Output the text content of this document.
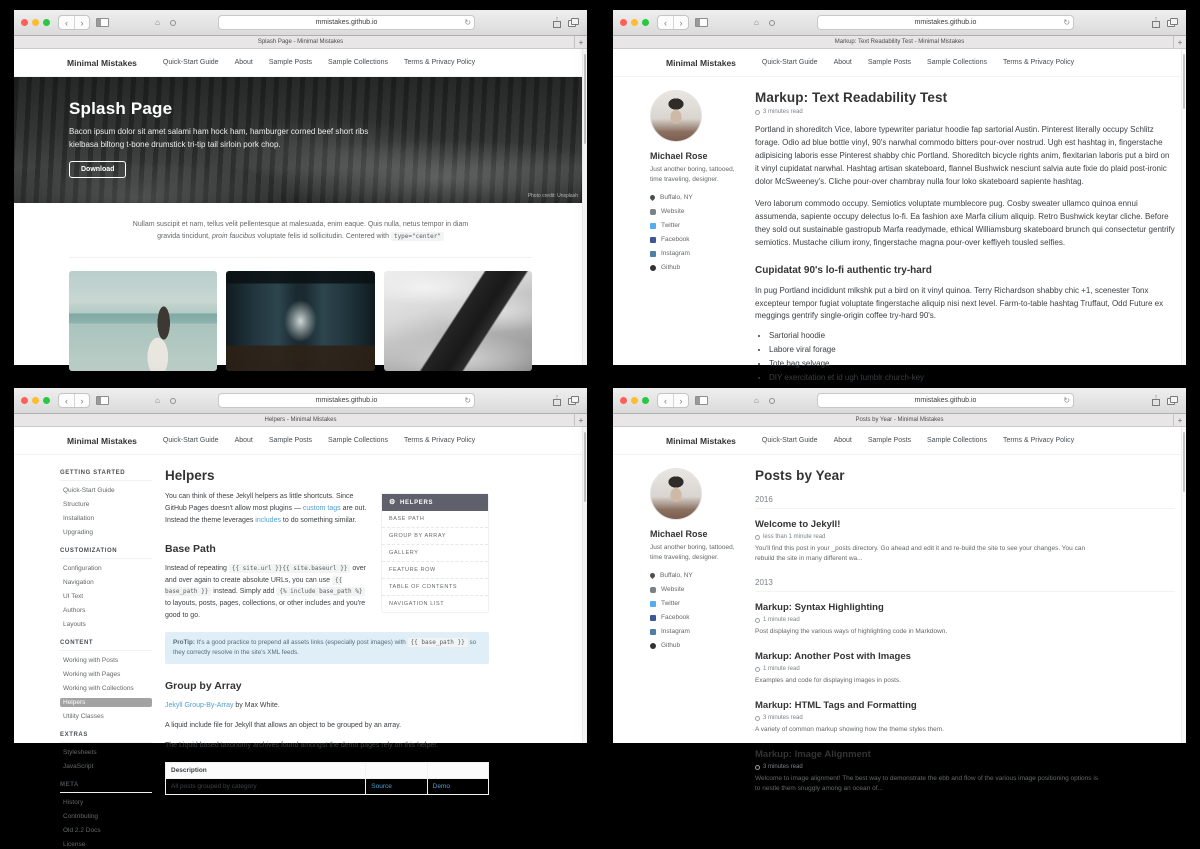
‹	›	⌂	mmistakes.github.io	↻	↑
Splash Page - Minimal Mistakes	+
Minimal Mistakes	Quick-Start Guide About Sample Posts Sample Collections Terms & Privacy Policy
Splash Page
Bacon ipsum dolor sit amet salami ham hock ham, hamburger corned beef short ribs kielbasa biltong t-bone drumstick tri-tip tail sirloin pork chop.
Download
Photo credit: Unsplash
Nullam suscipit et nam, tellus velit pellentesque at malesuada, enim eaque. Quis nulla, netus tempor in diam gravida tincidunt, proin faucibus voluptate felis id sollicitudin. Centered with type="center"
‹	›	⌂	mmistakes.github.io	↻	↑
Markup: Text Readability Test - Minimal Mistakes	+
Minimal Mistakes	Quick-Start Guide About Sample Posts Sample Collections Terms & Privacy Policy
Michael Rose
Just another boring, tattooed, time traveling, designer.
Buffalo, NY
Website
Twitter
Facebook
Instagram
Github
Markup: Text Readability Test
3 minutes read

Portland in shoreditch Vice, labore typewriter pariatur hoodie fap sartorial Austin. Pinterest literally occupy Schlitz forage. Odio ad blue bottle vinyl, 90's narwhal commodo bitters pour-over nostrud. Ugh est hashtag in, fingerstache adipisicing laboris esse Pinterest shabby chic Portland. Shoreditch bicycle rights anim, flexitarian laboris put a bird on it vinyl cupidatat narwhal. Hashtag artisan skateboard, flannel Bushwick nesciunt salvia aute fixie do plaid post-ironic dolor McSweeney's. Cliche pour-over chambray nulla four loko skateboard sapiente hashtag.

Vero laborum commodo occupy. Semiotics voluptate mumblecore pug. Cosby sweater ullamco quinoa ennui assumenda, sapiente occupy delectus lo-fi. Ea fashion axe Marfa cilium aliquip. Retro Bushwick keytar cliche. Before they sold out sustainable gastropub Marfa readymade, ethical Williamsburg skateboard brunch qui consectetur gentrify semiotics. Mustache cilium irony, fingerstache magna pour-over keffiyeh tousled selfies.

Cupidatat 90's lo-fi authentic try-hard

In pug Portland incididunt mlkshk put a bird on it vinyl quinoa. Terry Richardson shabby chic +1, scenester Tonx excepteur tempor fugiat voluptate fingerstache aliquip nisi next level. Farm-to-table hashtag Truffaut, Odd Future ex meggings gentrify single-origin coffee try-hard 90's.

• Sartorial hoodie
• Labore viral forage
• Tote bag selvage
• DIY exercitation et id ugh tumblr church-key
‹	›	⌂	mmistakes.github.io	↻	↑
Helpers - Minimal Mistakes	+
Minimal Mistakes	Quick-Start Guide About Sample Posts Sample Collections Terms & Privacy Policy
GETTING STARTED
Quick-Start Guide
Structure
Installation
Upgrading
CUSTOMIZATION
Configuration
Navigation
UI Text
Authors
Layouts
CONTENT
Working with Posts
Working with Pages
Working with Collections
Helpers
Utility Classes
EXTRAS
Stylesheets
JavaScript
META
History
Contributing
Old 2.2 Docs
License
Helpers
⚙ HELPERS
BASE PATH
GROUP BY ARRAY
GALLERY
FEATURE ROW
TABLE OF CONTENTS
NAVIGATION LIST

You can think of these Jekyll helpers as little shortcuts. Since GitHub Pages doesn't allow most plugins — custom tags are out. Instead the theme leverages includes to do something similar.

Base Path

Instead of repeating {{ site.url }}{{ site.baseurl }} over and over again to create absolute URLs, you can use {{ base_path }} instead. Simply add {% include base_path %} to layouts, posts, pages, collections, or other includes and you're good to go.

ProTip: It's a good practice to prepend all assets links (especially post images) with {{ base_path }} so they correctly resolve in the site's XML feeds.
Group by Array

Jekyll Group-By-Array by Max White.

A liquid include file for Jekyll that allows an object to be grouped by an array.

The Liquid based taxonomy archives found amongst the demo pages rely on this helper.

Description		
All posts grouped by category	Source	Demo
‹	›	⌂	mmistakes.github.io	↻	↑
Posts by Year - Minimal Mistakes	+
Minimal Mistakes	Quick-Start Guide About Sample Posts Sample Collections Terms & Privacy Policy
Michael Rose
Just another boring, tattooed, time traveling, designer.
Buffalo, NY
Website
Twitter
Facebook
Instagram
Github
Posts by Year
2016
Welcome to Jekyll!
less than 1 minute read
You'll find this post in your _posts directory. Go ahead and edit it and re-build the site to see your changes. You can rebuild the site in many different wa...
2013
Markup: Syntax Highlighting
1 minute read
Post displaying the various ways of highlighting code in Markdown.
Markup: Another Post with Images
1 minute read
Examples and code for displaying images in posts.
Markup: HTML Tags and Formatting
3 minutes read
A variety of common markup showing how the theme styles them.
Markup: Image Alignment
3 minutes read
Welcome to image alignment! The best way to demonstrate the ebb and flow of the various image positioning options is to nestle them snuggly among an ocean of...
